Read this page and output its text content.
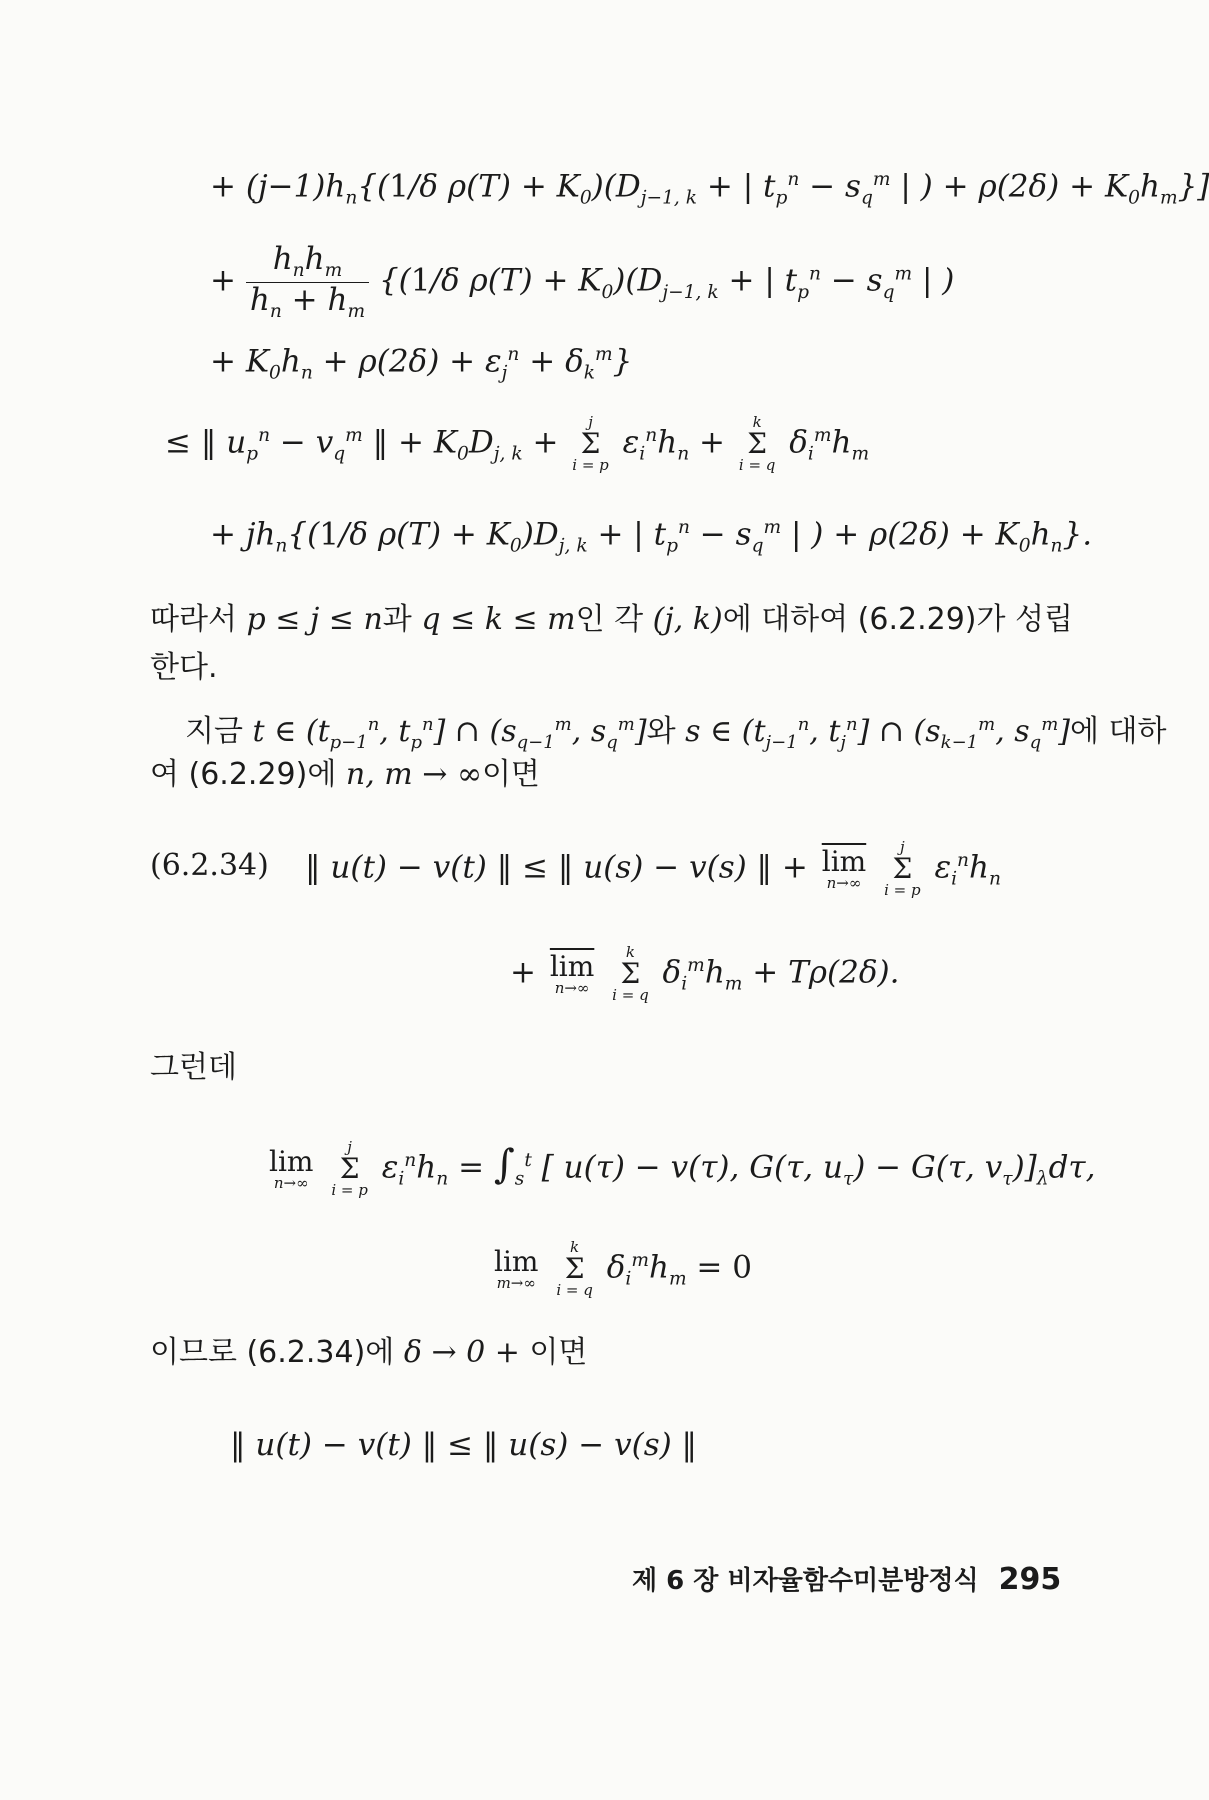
+ $(j-1)h_n\{(1/\delta$ $\rho(T) + K_0)(D_{j-1, k}$ + | $t_p^n - s_q^m$ | ) + $\rho(2\delta) + K_0h_m$}]
+
$h_nh_m$
$h_n + h_m$
{(1/δ $\rho(T) + K_0)(D_{j-1, k}$ + | $t_p^n - s_q^m$ | )
+ $K_0h_n + \rho(2\delta) + \varepsilon_j^n + \delta_k^m$}
≤ ‖ $u_p^n - v_q^m$ ‖ + $K_0D_{j, k}$ +
j
Σ
i = p
$\varepsilon_i^nh_n$ +
k
Σ
i = q
$\delta_i^mh_m$
+ $jh_n\{(1/\delta$ $\rho(T) + K_0)D_{j, k}$ + | $t_p^n - s_q^m$ | ) + $\rho(2\delta) + K_0h_n$}.
따라서 p ≤ j ≤ n과 q ≤ k ≤ m인 각 (j, k)에 대하여 (6.2.29)가 성립
한다.
지금 t ∈ ($t_{p-1}^n$, $t_p^n$] ∩ ($s_{q-1}^m$, $s_q^m$]와 s ∈ ($t_{j-1}^n$, $t_j^n$] ∩ ($s_{k-1}^m$, $s_q^m$]에 대하
여 (6.2.29)에 n, m → ∞이면
(6.2.34) ‖ u(t) − v(t) ‖ ≤ ‖ u(s) − v(s) ‖ + $\overline{lim}$
n→∞

j
Σ
i = p
$\varepsilon_i^nh_n$
+ $\overline{lim}$
n→∞

k
Σ
i = q
$\delta_i^mh_m + T\rho(2\delta)$.
그런데
lim
n→∞

j
Σ
i = p
$\varepsilon_i^nh_n = \int_s^t$ [ u(τ) − v(τ), G(τ, $u_\tau) - G(\tau$, $v_\tau)]_\lambda d\tau$,
lim
m→∞

k
Σ
i = q
$\delta_i^mh_m = 0$
이므로 (6.2.34)에 δ → 0 + 이면
‖ u(t) − v(t) ‖ ≤ ‖ u(s) − v(s) ‖
제 6 장 비자율함수미분방정식 295
